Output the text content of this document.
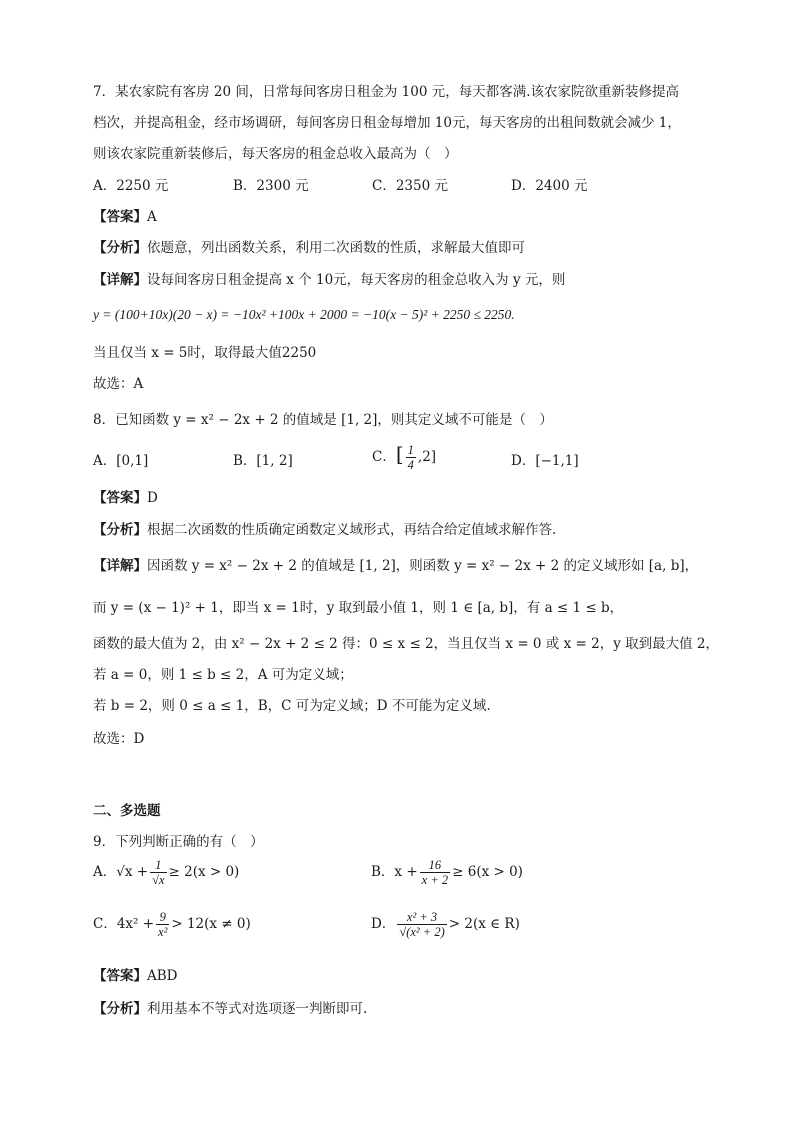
7．某农家院有客房 20 间，日常每间客房日租金为 100 元，每天都客满.该农家院欲重新装修提高
档次，并提高租金，经市场调研，每间客房日租金每增加 10元，每天客房的出租间数就会减少 1，
则该农家院重新装修后，每天客房的租金总收入最高为（　）
A．2250 元	B．2300 元	C．2350 元	D．2400 元
【答案】A
【分析】依题意，列出函数关系，利用二次函数的性质，求解最大值即可
【详解】设每间客房日租金提高 x 个 10元，每天客房的租金总收入为 y 元，则
y = (100+10x)(20 − x) = −10x² +100x + 2000 = −10(x − 5)² + 2250 ≤ 2250.
当且仅当 x = 5时，取得最大值2250
故选：A
8．已知函数 y = x² − 2x + 2 的值域是 [1, 2]，则其定义域不可能是（　）
A．[0,1]	B．[1, 2]	C．[ $\frac{1}{4} ,2$]	D．[−1,1]
【答案】D
【分析】根据二次函数的性质确定函数定义域形式，再结合给定值域求解作答.
【详解】因函数 y = x² − 2x + 2 的值域是 [1, 2]，则函数 y = x² − 2x + 2 的定义域形如 [a, b]，
而 y = (x − 1)² + 1，即当 x = 1时，y 取到最小值 1，则 1 ∈ [a, b]，有 a ≤ 1 ≤ b，
函数的最大值为 2，由 x² − 2x + 2 ≤ 2 得：0 ≤ x ≤ 2，当且仅当 x = 0 或 x = 2，y 取到最大值 2，
若 a = 0，则 1 ≤ b ≤ 2，A 可为定义域；
若 b = 2，则 0 ≤ a ≤ 1，B，C 可为定义域；D 不可能为定义域.
故选：D
二、多选题
9．下列判断正确的有（　）
A．$√x + \frac{1}{√x} \ge 2(x > 0)$	B．$x + \frac{16}{x + 2} \ge 6(x > 0)$
C．$4x^2 + \frac{9}{\text{x²}} > 12(x \ne 0)$	D． $\frac{\text{x² + 3}}{\text{√(x² + 2)}} > 2(x$ ∈ R)
【答案】ABD
【分析】利用基本不等式对选项逐一判断即可.
